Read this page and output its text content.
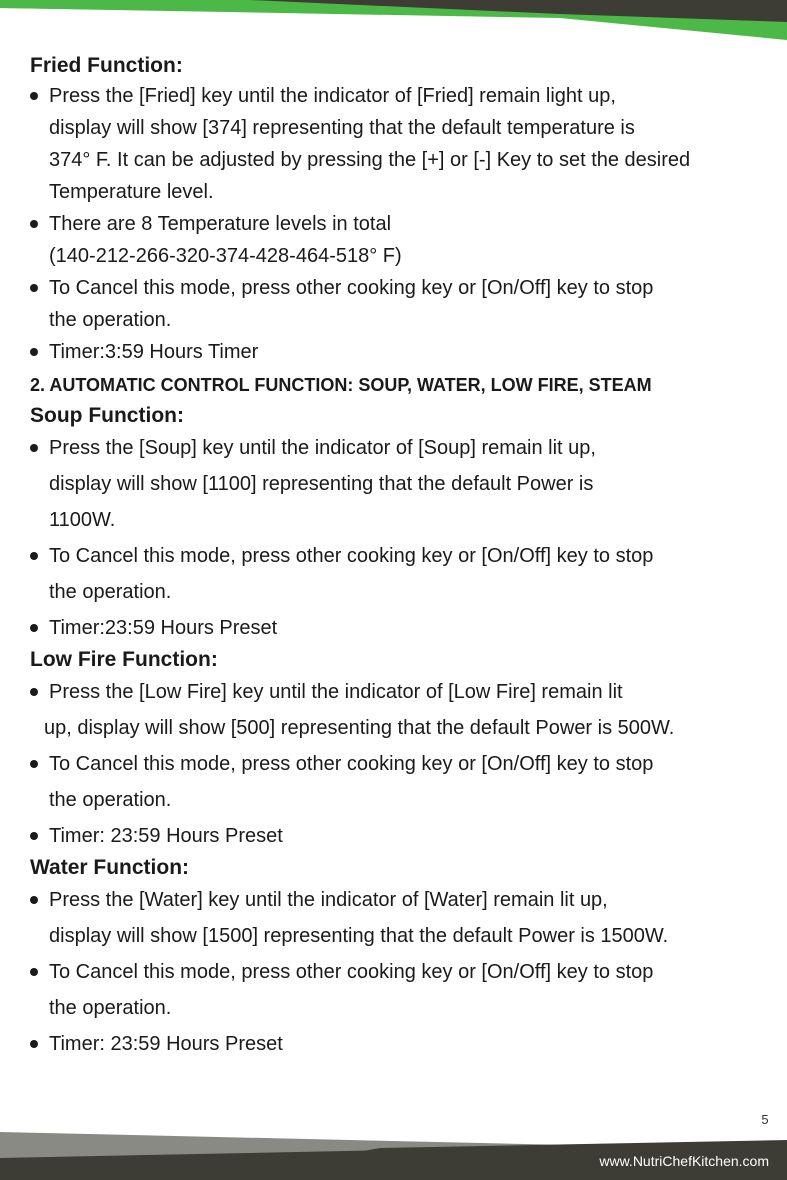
Fried Function:
Press the [Fried] key until the indicator of [Fried] remain light up,
display will show [374] representing that the default temperature is
374° F. It can be adjusted by pressing the [+] or [-] Key to set the desired
Temperature level.
There are 8 Temperature levels in total
(140-212-266-320-374-428-464-518° F)
To Cancel this mode, press other cooking key or [On/Off] key to stop
the operation.
Timer:3:59 Hours Timer
2. AUTOMATIC CONTROL FUNCTION: SOUP, WATER, LOW FIRE, STEAM
Soup Function:
Press the [Soup] key until the indicator of [Soup] remain lit up,
display will show [1100] representing that the default Power is
1100W.
To Cancel this mode, press other cooking key or [On/Off] key to stop
the operation.
Timer:23:59 Hours Preset
Low Fire Function:
Press the [Low Fire] key until the indicator of [Low Fire] remain lit
up, display will show [500] representing that the default Power is 500W.
To Cancel this mode, press other cooking key or [On/Off] key to stop
the operation.
Timer: 23:59 Hours Preset
Water Function:
Press the [Water] key until the indicator of [Water] remain lit up,
display will show [1500] representing that the default Power is 1500W.
To Cancel this mode, press other cooking key or [On/Off] key to stop
the operation.
Timer: 23:59 Hours Preset
5
www.NutriChefKitchen.com
